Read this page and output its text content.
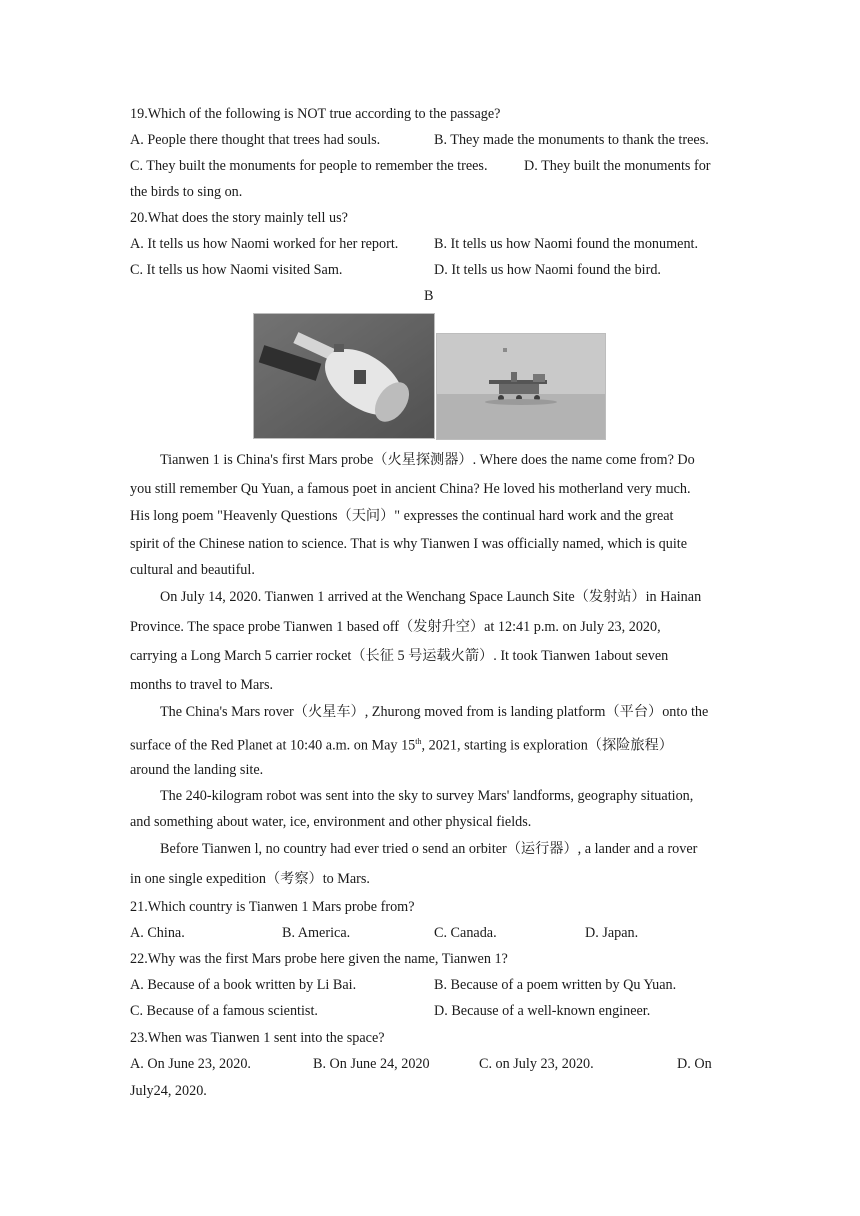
19.Which of the following is NOT true according to the passage?
A. People there thought that trees had souls.	B. They made the monuments to thank the trees.
C. They built the monuments for people to remember the trees.	D. They built the monuments for
the birds to sing on.
20.What does the story mainly tell us?
A. It tells us how Naomi worked for her report.	B. It tells us how Naomi found the monument.
C. It tells us how Naomi visited Sam.	D. It tells us how Naomi found the bird.
B
Tianwen 1 is China's first Mars probe（火星探测器）. Where does the name come from? Do
you still remember Qu Yuan, a famous poet in ancient China? He loved his motherland very much.
His long poem "Heavenly Questions（天问）" expresses the continual hard work and the great
spirit of the Chinese nation to science. That is why Tianwen I was officially named, which is quite
cultural and beautiful.
On July 14, 2020. Tianwen 1 arrived at the Wenchang Space Launch Site（发射站）in Hainan
Province. The space probe Tianwen 1 based off（发射升空）at 12:41 p.m. on July 23, 2020,
carrying a Long March 5 carrier rocket（长征 5 号运载火箭）. It took Tianwen 1about seven
months to travel to Mars.
The China's Mars rover（火星车）, Zhurong moved from is landing platform（平台）onto the
surface of the Red Planet at 10:40 a.m. on May 15th, 2021, starting is exploration（探险旅程）
around the landing site.
The 240-kilogram robot was sent into the sky to survey Mars' landforms, geography situation,
and something about water, ice, environment and other physical fields.
Before Tianwen l, no country had ever tried o send an orbiter（运行器）, a lander and a rover
in one single expedition（考察）to Mars.
21.Which country is Tianwen 1 Mars probe from?
A. China.	B. America.	C. Canada.	D. Japan.
22.Why was the first Mars probe here given the name, Tianwen 1?
A. Because of a book written by Li Bai.	B. Because of a poem written by Qu Yuan.
C. Because of a famous scientist.	D. Because of a well-known engineer.
23.When was Tianwen 1 sent into the space?
A. On June 23, 2020.	B. On June 24, 2020	C. on July 23, 2020.	D. On
July24, 2020.
